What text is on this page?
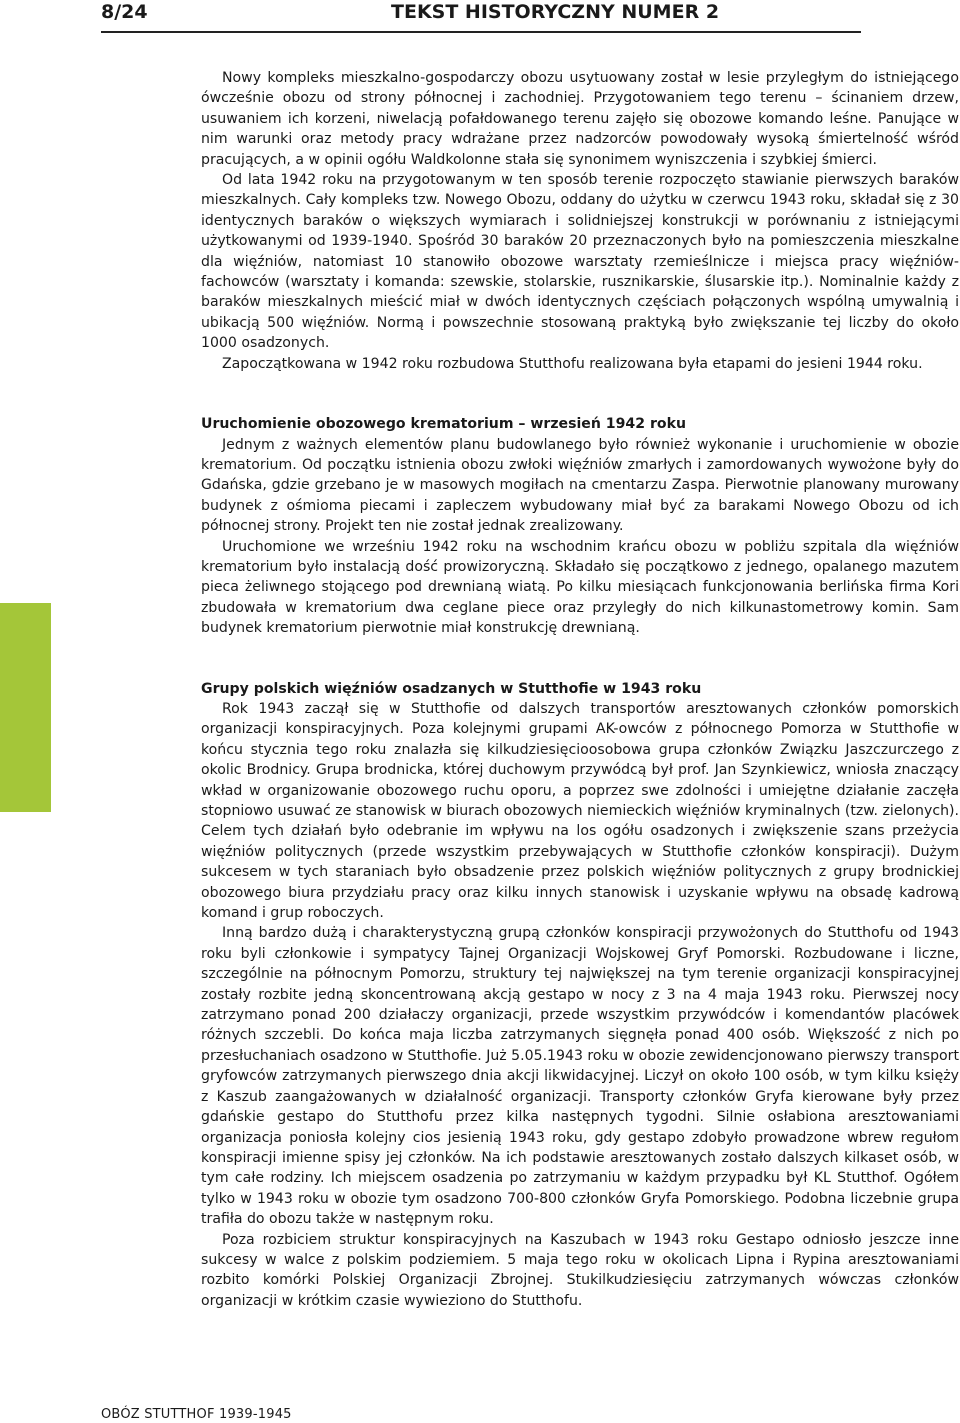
8/24	TEKST HISTORYCZNY NUMER 2

Nowy kompleks mieszkalno-gospodarczy obozu usytuowany został w lesie przyległym do istniejącego ówcześnie obozu od strony północnej i zachodniej. Przygotowaniem tego terenu – ścinaniem drzew, usuwaniem ich korzeni, niwelacją pofałdowanego terenu zajęło się obozowe komando leśne. Panujące w nim warunki oraz metody pracy wdrażane przez nadzorców powodowały wysoką śmiertelność wśród pracujących, a w opinii ogółu Waldkolonne stała się synonimem wyniszczenia i szybkiej śmierci.

Od lata 1942 roku na przygotowanym w ten sposób terenie rozpoczęto stawianie pierwszych baraków mieszkalnych. Cały kompleks tzw. Nowego Obozu, oddany do użytku w czerwcu 1943 roku, składał się z 30 identycznych baraków o większych wymiarach i solidniejszej konstrukcji w porównaniu z istniejącymi użytkowanymi od 1939-1940. Spośród 30 baraków 20 przeznaczonych było na pomieszczenia mieszkalne dla więźniów, natomiast 10 stanowiło obozowe warsztaty rzemieślnicze i miejsca pracy więźniów-fachowców (warsztaty i komanda: szewskie, stolarskie, rusznikarskie, ślusarskie itp.). Nominalnie każdy z baraków mieszkalnych mieścić miał w dwóch identycznych częściach połączonych wspólną umywalnią i ubikacją 500 więźniów. Normą i powszechnie stosowaną praktyką było zwiększanie tej liczby do około 1000 osadzonych.

Zapoczątkowana w 1942 roku rozbudowa Stutthofu realizowana była etapami do jesieni 1944 roku.

Uruchomienie obozowego krematorium – wrzesień 1942 roku

Jednym z ważnych elementów planu budowlanego było również wykonanie i uruchomienie w obozie krematorium. Od początku istnienia obozu zwłoki więźniów zmarłych i zamordowanych wywożone były do Gdańska, gdzie grzebano je w masowych mogiłach na cmentarzu Zaspa. Pierwotnie planowany murowany budynek z ośmioma piecami i zapleczem wybudowany miał być za barakami Nowego Obozu od ich północnej strony. Projekt ten nie został jednak zrealizowany.

Uruchomione we wrześniu 1942 roku na wschodnim krańcu obozu w pobliżu szpitala dla więźniów krematorium było instalacją dość prowizoryczną. Składało się początkowo z jednego, opalanego mazutem pieca żeliwnego stojącego pod drewnianą wiatą. Po kilku miesiącach funkcjonowania berlińska firma Kori zbudowała w krematorium dwa ceglane piece oraz przyległy do nich kilkunastometrowy komin. Sam budynek krematorium pierwotnie miał konstrukcję drewnianą.

Grupy polskich więźniów osadzanych w Stutthofie w 1943 roku

Rok 1943 zaczął się w Stutthofie od dalszych transportów aresztowanych członków pomorskich organizacji konspiracyjnych. Poza kolejnymi grupami AK-owców z północnego Pomorza w Stutthofie w końcu stycznia tego roku znalazła się kilkudziesięcioosobowa grupa członków Związku Jaszczurczego z okolic Brodnicy. Grupa brodnicka, której duchowym przywódcą był prof. Jan Szynkiewicz, wniosła znaczący wkład w organizowanie obozowego ruchu oporu, a poprzez swe zdolności i umiejętne działanie zaczęła stopniowo usuwać ze stanowisk w biurach obozowych niemieckich więźniów kryminalnych (tzw. zielonych). Celem tych działań było odebranie im wpływu na los ogółu osadzonych i zwiększenie szans przeżycia więźniów politycznych (przede wszystkim przebywających w Stutthofie członków konspiracji). Dużym sukcesem w tych staraniach było obsadzenie przez polskich więźniów politycznych z grupy brodnickiej obozowego biura przydziału pracy oraz kilku innych stanowisk i uzyskanie wpływu na obsadę kadrową komand i grup roboczych.

Inną bardzo dużą i charakterystyczną grupą członków konspiracji przywożonych do Stutthofu od 1943 roku byli członkowie i sympatycy Tajnej Organizacji Wojskowej Gryf Pomorski. Rozbudowane i liczne, szczególnie na północnym Pomorzu, struktury tej największej na tym terenie organizacji konspiracyjnej zostały rozbite jedną skoncentrowaną akcją gestapo w nocy z 3 na 4 maja 1943 roku. Pierwszej nocy zatrzymano ponad 200 działaczy organizacji, przede wszystkim przywódców i komendantów placówek różnych szczebli. Do końca maja liczba zatrzymanych sięgnęła ponad 400 osób. Większość z nich po przesłuchaniach osadzono w Stutthofie. Już 5.05.1943 roku w obozie zewidencjonowano pierwszy transport gryfowców zatrzymanych pierwszego dnia akcji likwidacyjnej. Liczył on około 100 osób, w tym kilku księży z Kaszub zaangażowanych w działalność organizacji. Transporty członków Gryfa kierowane były przez gdańskie gestapo do Stutthofu przez kilka następnych tygodni. Silnie osłabiona aresztowaniami organizacja poniosła kolejny cios jesienią 1943 roku, gdy gestapo zdobyło prowadzone wbrew regułom konspiracji imienne spisy jej członków. Na ich podstawie aresztowanych zostało dalszych kilkaset osób, w tym całe rodziny. Ich miejscem osadzenia po zatrzymaniu w każdym przypadku był KL Stutthof. Ogółem tylko w 1943 roku w obozie tym osadzono 700-800 członków Gryfa Pomorskiego. Podobna liczebnie grupa trafiła do obozu także w następnym roku.

Poza rozbiciem struktur konspiracyjnych na Kaszubach w 1943 roku Gestapo odniosło jeszcze inne sukcesy w walce z polskim podziemiem. 5 maja tego roku w okolicach Lipna i Rypina aresztowaniami rozbito komórki Polskiej Organizacji Zbrojnej. Stukilkudziesięciu zatrzymanych wówczas członków organizacji w krótkim czasie wywieziono do Stutthofu.

OBÓZ STUTTHOF 1939-1945
